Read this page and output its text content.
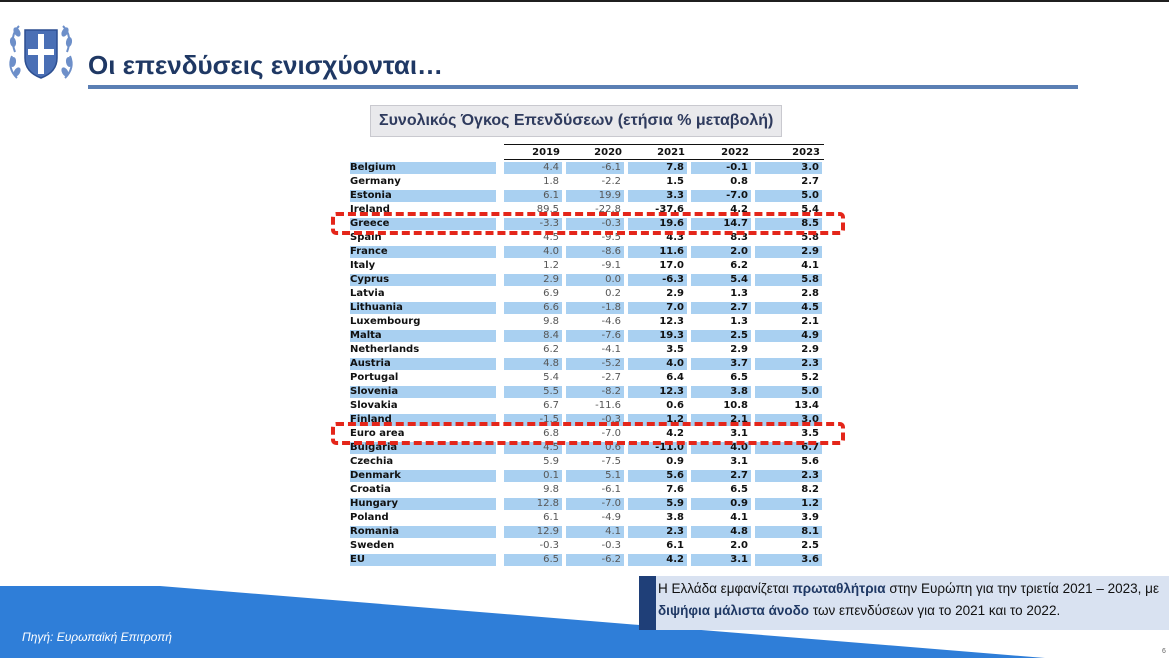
Οι επενδύσεις ενισχύονται…
Συνολικός Όγκος Επενδύσεων (ετήσια % μεταβολή)
2019	2020	2021	2022	2023
Belgium	4.4	-6.1	7.8	-0.1	3.0
Germany	1.8	-2.2	1.5	0.8	2.7
Estonia	6.1	19.9	3.3	-7.0	5.0
Ireland	89.5	-22.8	-37.6	4.2	5.4
Greece	-3.3	-0.3	19.6	14.7	8.5
Spain	4.5	-9.5	4.3	8.3	5.8
France	4.0	-8.6	11.6	2.0	2.9
Italy	1.2	-9.1	17.0	6.2	4.1
Cyprus	2.9	0.0	-6.3	5.4	5.8
Latvia	6.9	0.2	2.9	1.3	2.8
Lithuania	6.6	-1.8	7.0	2.7	4.5
Luxembourg	9.8	-4.6	12.3	1.3	2.1
Malta	8.4	-7.6	19.3	2.5	4.9
Netherlands	6.2	-4.1	3.5	2.9	2.9
Austria	4.8	-5.2	4.0	3.7	2.3
Portugal	5.4	-2.7	6.4	6.5	5.2
Slovenia	5.5	-8.2	12.3	3.8	5.0
Slovakia	6.7	-11.6	0.6	10.8	13.4
Finland	-1.5	-0.3	1.2	2.1	3.0
Euro area	6.8	-7.0	4.2	3.1	3.5
Bulgaria	4.5	0.6	-11.0	4.0	6.7
Czechia	5.9	-7.5	0.9	3.1	5.6
Denmark	0.1	5.1	5.6	2.7	2.3
Croatia	9.8	-6.1	7.6	6.5	8.2
Hungary	12.8	-7.0	5.9	0.9	1.2
Poland	6.1	-4.9	3.8	4.1	3.9
Romania	12.9	4.1	2.3	4.8	8.1
Sweden	-0.3	-0.3	6.1	2.0	2.5
EU	6.5	-6.2	4.2	3.1	3.6
Πηγή: Ευρωπαϊκή Επιτροπή
Η Ελλάδα εμφανίζεται πρωταθλήτρια στην Ευρώπη για την τριετία 2021 – 2023, με διψήφια μάλιστα άνοδο των επενδύσεων για το 2021 και το 2022.
6
